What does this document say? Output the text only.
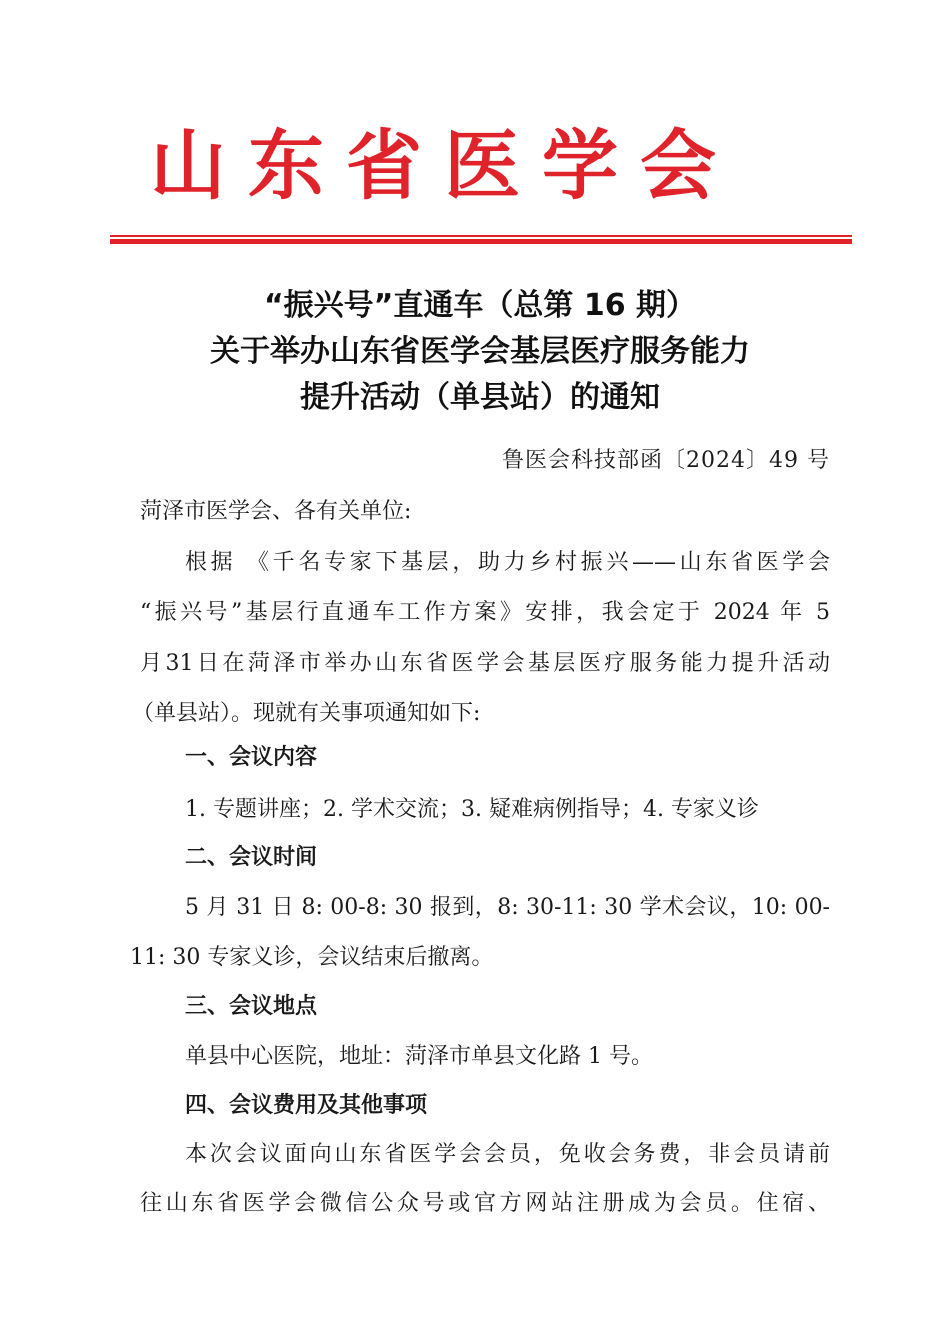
山东省医学会
“振兴号”直通车（总第 16 期）
关于举办山东省医学会基层医疗服务能力
提升活动（单县站）的通知
鲁医会科技部函〔2024〕49 号
菏泽市医学会、各有关单位:
根据 《千名专家下基层，助力乡村振兴——山东省医学会
“振兴号”基层行直通车工作方案》安排，我会定于 2024 年 5
月31日在菏泽市举办山东省医学会基层医疗服务能力提升活动
（单县站）。现就有关事项通知如下:
一、会议内容
1. 专题讲座；2. 学术交流；3. 疑难病例指导；4. 专家义诊
二、会议时间
5 月 31 日 8: 00-8: 30 报到，8: 30-11: 30 学术会议，10: 00-
11: 30 专家义诊，会议结束后撤离。
三、会议地点
单县中心医院，地址：菏泽市单县文化路 1 号。
四、会议费用及其他事项
本次会议面向山东省医学会会员，免收会务费，非会员请前
往山东省医学会微信公众号或官方网站注册成为会员。住宿、
